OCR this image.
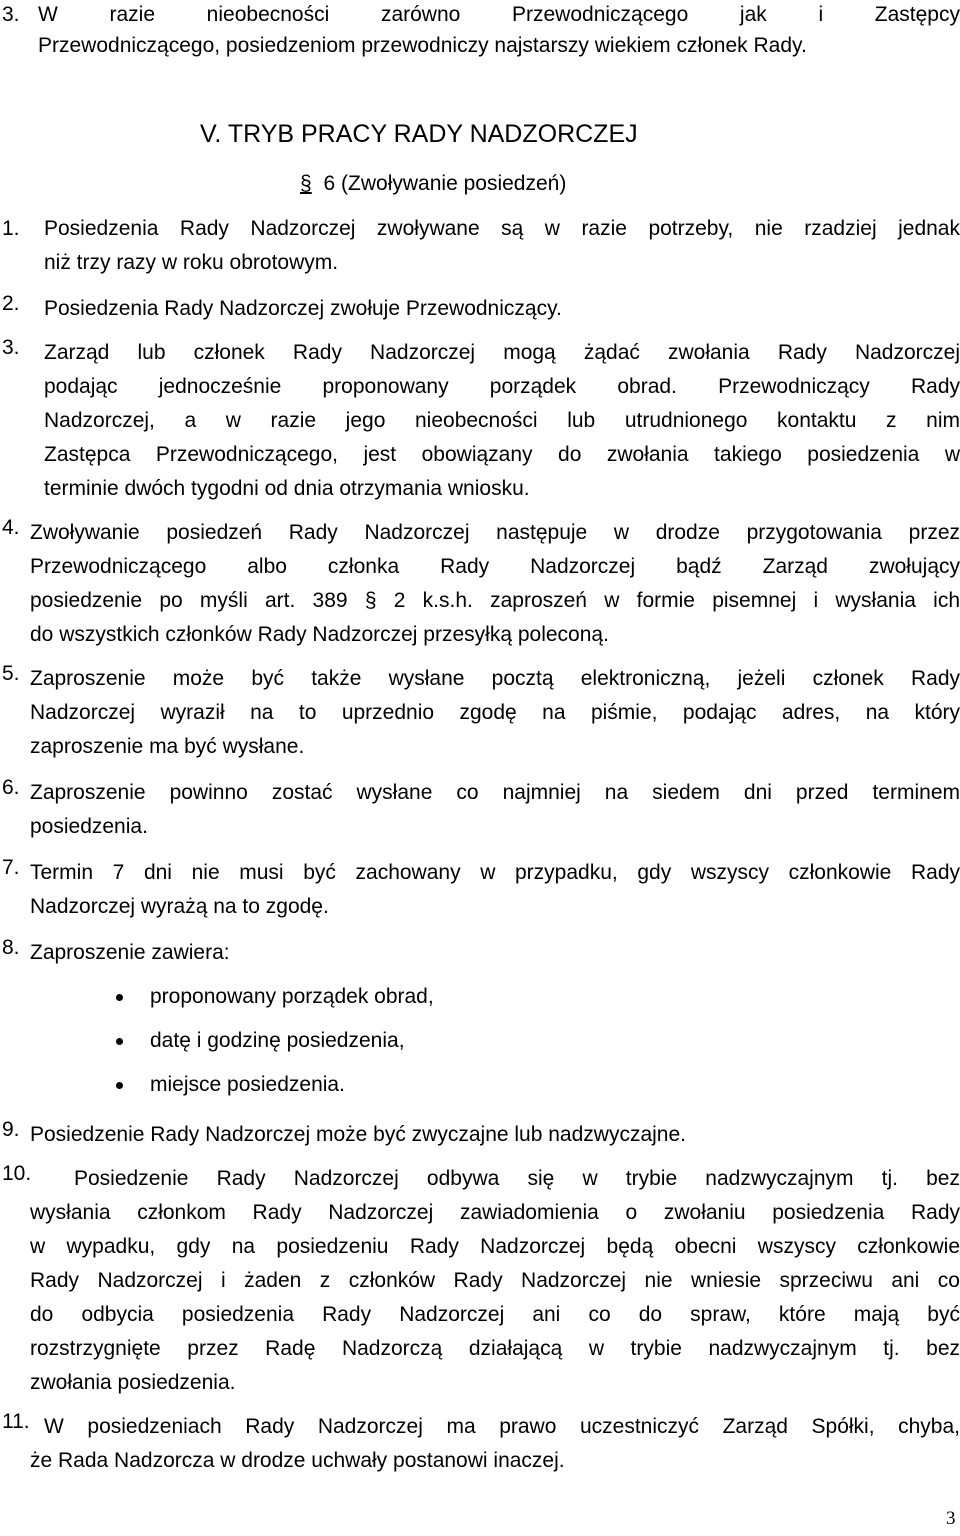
3. W razie nieobecności zarówno Przewodniczącego jak i Zastępcy
Przewodniczącego, posiedzeniom przewodniczy najstarszy wiekiem członek Rady.
V. TRYB PRACY RADY NADZORCZEJ
§ 6 (Zwoływanie posiedzeń)
1. Posiedzenia Rady Nadzorczej zwoływane są w razie potrzeby, nie rzadziej jednak
niż trzy razy w roku obrotowym.
2. Posiedzenia Rady Nadzorczej zwołuje Przewodniczący.
3. Zarząd lub członek Rady Nadzorczej mogą żądać zwołania Rady Nadzorczej
podając jednocześnie proponowany porządek obrad. Przewodniczący Rady
Nadzorczej, a w razie jego nieobecności lub utrudnionego kontaktu z nim
Zastępca Przewodniczącego, jest obowiązany do zwołania takiego posiedzenia w
terminie dwóch tygodni od dnia otrzymania wniosku.
4. Zwoływanie posiedzeń Rady Nadzorczej następuje w drodze przygotowania przez
Przewodniczącego albo członka Rady Nadzorczej bądź Zarząd zwołujący
posiedzenie po myśli art. 389 § 2 k.s.h. zaproszeń w formie pisemnej i wysłania ich
do wszystkich członków Rady Nadzorczej przesyłką poleconą.
5. Zaproszenie może być także wysłane pocztą elektroniczną, jeżeli członek Rady
Nadzorczej wyraził na to uprzednio zgodę na piśmie, podając adres, na który
zaproszenie ma być wysłane.
6. Zaproszenie powinno zostać wysłane co najmniej na siedem dni przed terminem
posiedzenia.
7. Termin 7 dni nie musi być zachowany w przypadku, gdy wszyscy członkowie Rady
Nadzorczej wyrażą na to zgodę.
8. Zaproszenie zawiera:
proponowany porządek obrad,
datę i godzinę posiedzenia,
miejsce posiedzenia.
9. Posiedzenie Rady Nadzorczej może być zwyczajne lub nadzwyczajne.
10. Posiedzenie Rady Nadzorczej odbywa się w trybie nadzwyczajnym tj. bez
wysłania członkom Rady Nadzorczej zawiadomienia o zwołaniu posiedzenia Rady
w wypadku, gdy na posiedzeniu Rady Nadzorczej będą obecni wszyscy członkowie
Rady Nadzorczej i żaden z członków Rady Nadzorczej nie wniesie sprzeciwu ani co
do odbycia posiedzenia Rady Nadzorczej ani co do spraw, które mają być
rozstrzygnięte przez Radę Nadzorczą działającą w trybie nadzwyczajnym tj. bez
zwołania posiedzenia.
11. W posiedzeniach Rady Nadzorczej ma prawo uczestniczyć Zarząd Spółki, chyba,
że Rada Nadzorcza w drodze uchwały postanowi inaczej.
3
